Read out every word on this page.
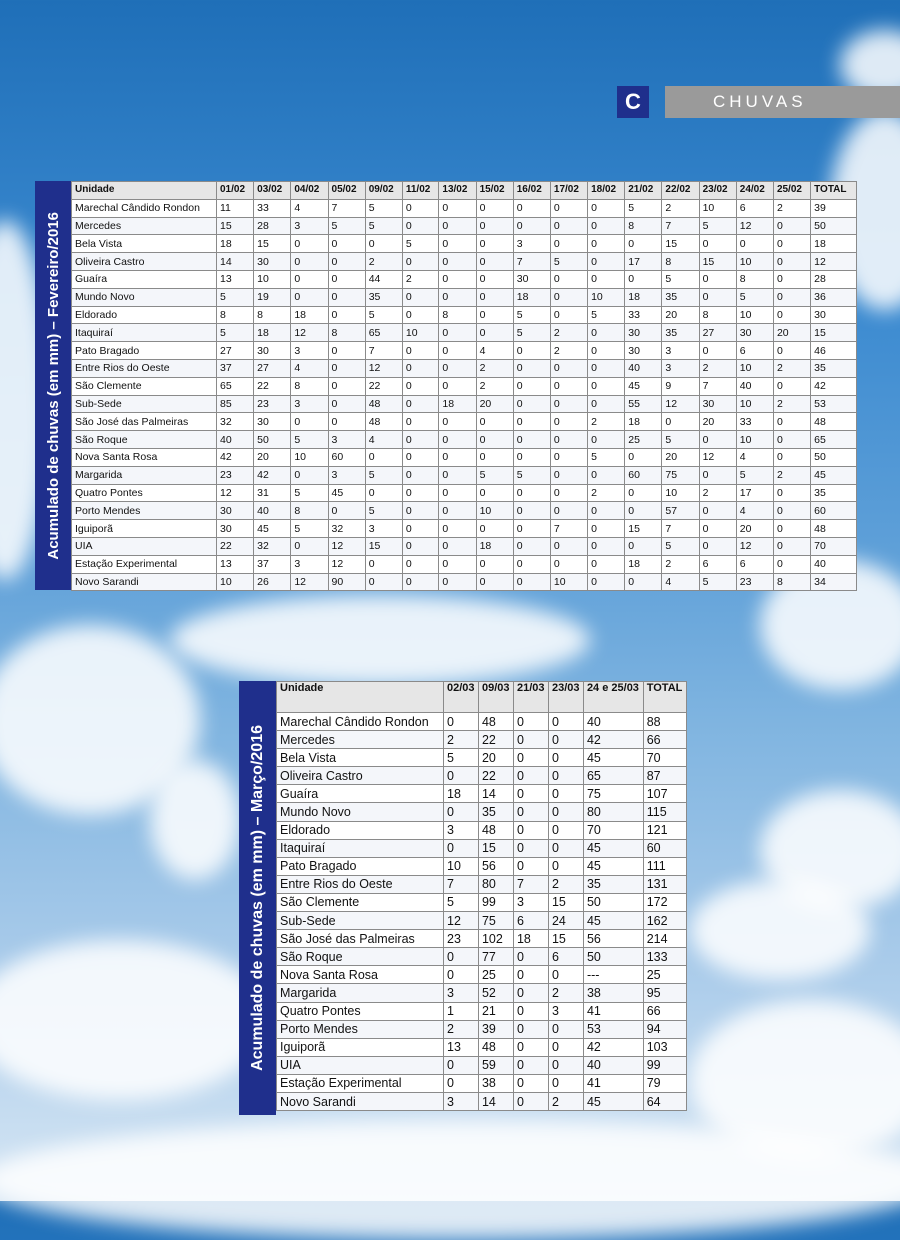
C	CHUVAS
Acumulado de chuvas (em mm) – Fevereiro/2016
Unidade	01/02	03/02	04/02	05/02	09/02	11/02	13/02	15/02	16/02	17/02	18/02	21/02	22/02	23/02	24/02	25/02	TOTAL
Marechal Cândido Rondon	11	33	4	7	5	0	0	0	0	0	0	5	2	10	6	2	39
Mercedes	15	28	3	5	5	0	0	0	0	0	0	8	7	5	12	0	50
Bela Vista	18	15	0	0	0	5	0	0	3	0	0	0	15	0	0	0	18
Oliveira Castro	14	30	0	0	2	0	0	0	7	5	0	17	8	15	10	0	12
Guaíra	13	10	0	0	44	2	0	0	30	0	0	0	5	0	8	0	28
Mundo Novo	5	19	0	0	35	0	0	0	18	0	10	18	35	0	5	0	36
Eldorado	8	8	18	0	5	0	8	0	5	0	5	33	20	8	10	0	30
Itaquiraí	5	18	12	8	65	10	0	0	5	2	0	30	35	27	30	20	15
Pato Bragado	27	30	3	0	7	0	0	4	0	2	0	30	3	0	6	0	46
Entre Rios do Oeste	37	27	4	0	12	0	0	2	0	0	0	40	3	2	10	2	35
São Clemente	65	22	8	0	22	0	0	2	0	0	0	45	9	7	40	0	42
Sub-Sede	85	23	3	0	48	0	18	20	0	0	0	55	12	30	10	2	53
São José das Palmeiras	32	30	0	0	48	0	0	0	0	0	2	18	0	20	33	0	48
São Roque	40	50	5	3	4	0	0	0	0	0	0	25	5	0	10	0	65
Nova Santa Rosa	42	20	10	60	0	0	0	0	0	0	5	0	20	12	4	0	50
Margarida	23	42	0	3	5	0	0	5	5	0	0	60	75	0	5	2	45
Quatro Pontes	12	31	5	45	0	0	0	0	0	0	2	0	10	2	17	0	35
Porto Mendes	30	40	8	0	5	0	0	10	0	0	0	0	57	0	4	0	60
Iguiporã	30	45	5	32	3	0	0	0	0	7	0	15	7	0	20	0	48
UIA	22	32	0	12	15	0	0	18	0	0	0	0	5	0	12	0	70
Estação Experimental	13	37	3	12	0	0	0	0	0	0	0	18	2	6	6	0	40
Novo Sarandi	10	26	12	90	0	0	0	0	0	10	0	0	4	5	23	8	34
Acumulado de chuvas (em mm) – Março/2016
Unidade	02/03	09/03	21/03	23/03	24 e 25/03	TOTAL
Marechal Cândido Rondon	0	48	0	0	40	88
Mercedes	2	22	0	0	42	66
Bela Vista	5	20	0	0	45	70
Oliveira Castro	0	22	0	0	65	87
Guaíra	18	14	0	0	75	107
Mundo Novo	0	35	0	0	80	115
Eldorado	3	48	0	0	70	121
Itaquiraí	0	15	0	0	45	60
Pato Bragado	10	56	0	0	45	111
Entre Rios do Oeste	7	80	7	2	35	131
São Clemente	5	99	3	15	50	172
Sub-Sede	12	75	6	24	45	162
São José das Palmeiras	23	102	18	15	56	214
São Roque	0	77	0	6	50	133
Nova Santa Rosa	0	25	0	0	---	25
Margarida	3	52	0	2	38	95
Quatro Pontes	1	21	0	3	41	66
Porto Mendes	2	39	0	0	53	94
Iguiporã	13	48	0	0	42	103
UIA	0	59	0	0	40	99
Estação Experimental	0	38	0	0	41	79
Novo Sarandi	3	14	0	2	45	64
